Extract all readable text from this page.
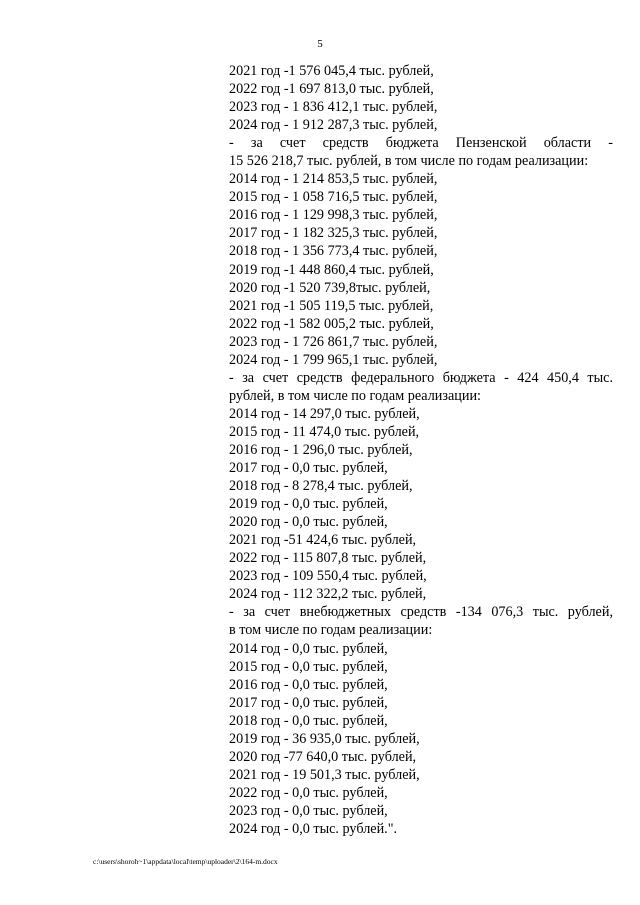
5
2021 год -1 576 045,4 тыс. рублей,
2022 год -1 697 813,0 тыс. рублей,
2023 год - 1 836 412,1 тыс. рублей,
2024 год - 1 912 287,3 тыс. рублей,
- за счет средств бюджета Пензенской области -
15 526 218,7 тыс. рублей, в том числе по годам реализации:
2014 год - 1 214 853,5 тыс. рублей,
2015 год - 1 058 716,5 тыс. рублей,
2016 год - 1 129 998,3 тыс. рублей,
2017 год - 1 182 325,3 тыс. рублей,
2018 год - 1 356 773,4 тыс. рублей,
2019 год -1 448 860,4 тыс. рублей,
2020 год -1 520 739,8тыс. рублей,
2021 год -1 505 119,5 тыс. рублей,
2022 год -1 582 005,2 тыс. рублей,
2023 год - 1 726 861,7 тыс. рублей,
2024 год - 1 799 965,1 тыс. рублей,
- за счет средств федерального бюджета - 424 450,4 тыс.
рублей, в том числе по годам реализации:
2014 год - 14 297,0 тыс. рублей,
2015 год - 11 474,0 тыс. рублей,
2016 год - 1 296,0 тыс. рублей,
2017 год - 0,0 тыс. рублей,
2018 год - 8 278,4 тыс. рублей,
2019 год - 0,0 тыс. рублей,
2020 год - 0,0 тыс. рублей,
2021 год -51 424,6 тыс. рублей,
2022 год - 115 807,8 тыс. рублей,
2023 год - 109 550,4 тыс. рублей,
2024 год - 112 322,2 тыс. рублей,
- за счет внебюджетных средств -134 076,3 тыс. рублей,
в том числе по годам реализации:
2014 год - 0,0 тыс. рублей,
2015 год - 0,0 тыс. рублей,
2016 год - 0,0 тыс. рублей,
2017 год - 0,0 тыс. рублей,
2018 год - 0,0 тыс. рублей,
2019 год - 36 935,0 тыс. рублей,
2020 год -77 640,0 тыс. рублей,
2021 год - 19 501,3 тыс. рублей,
2022 год - 0,0 тыс. рублей,
2023 год - 0,0 тыс. рублей,
2024 год - 0,0 тыс. рублей.".
c:\users\shoroh~1\appdata\local\temp\uploader\2\164-m.docx
